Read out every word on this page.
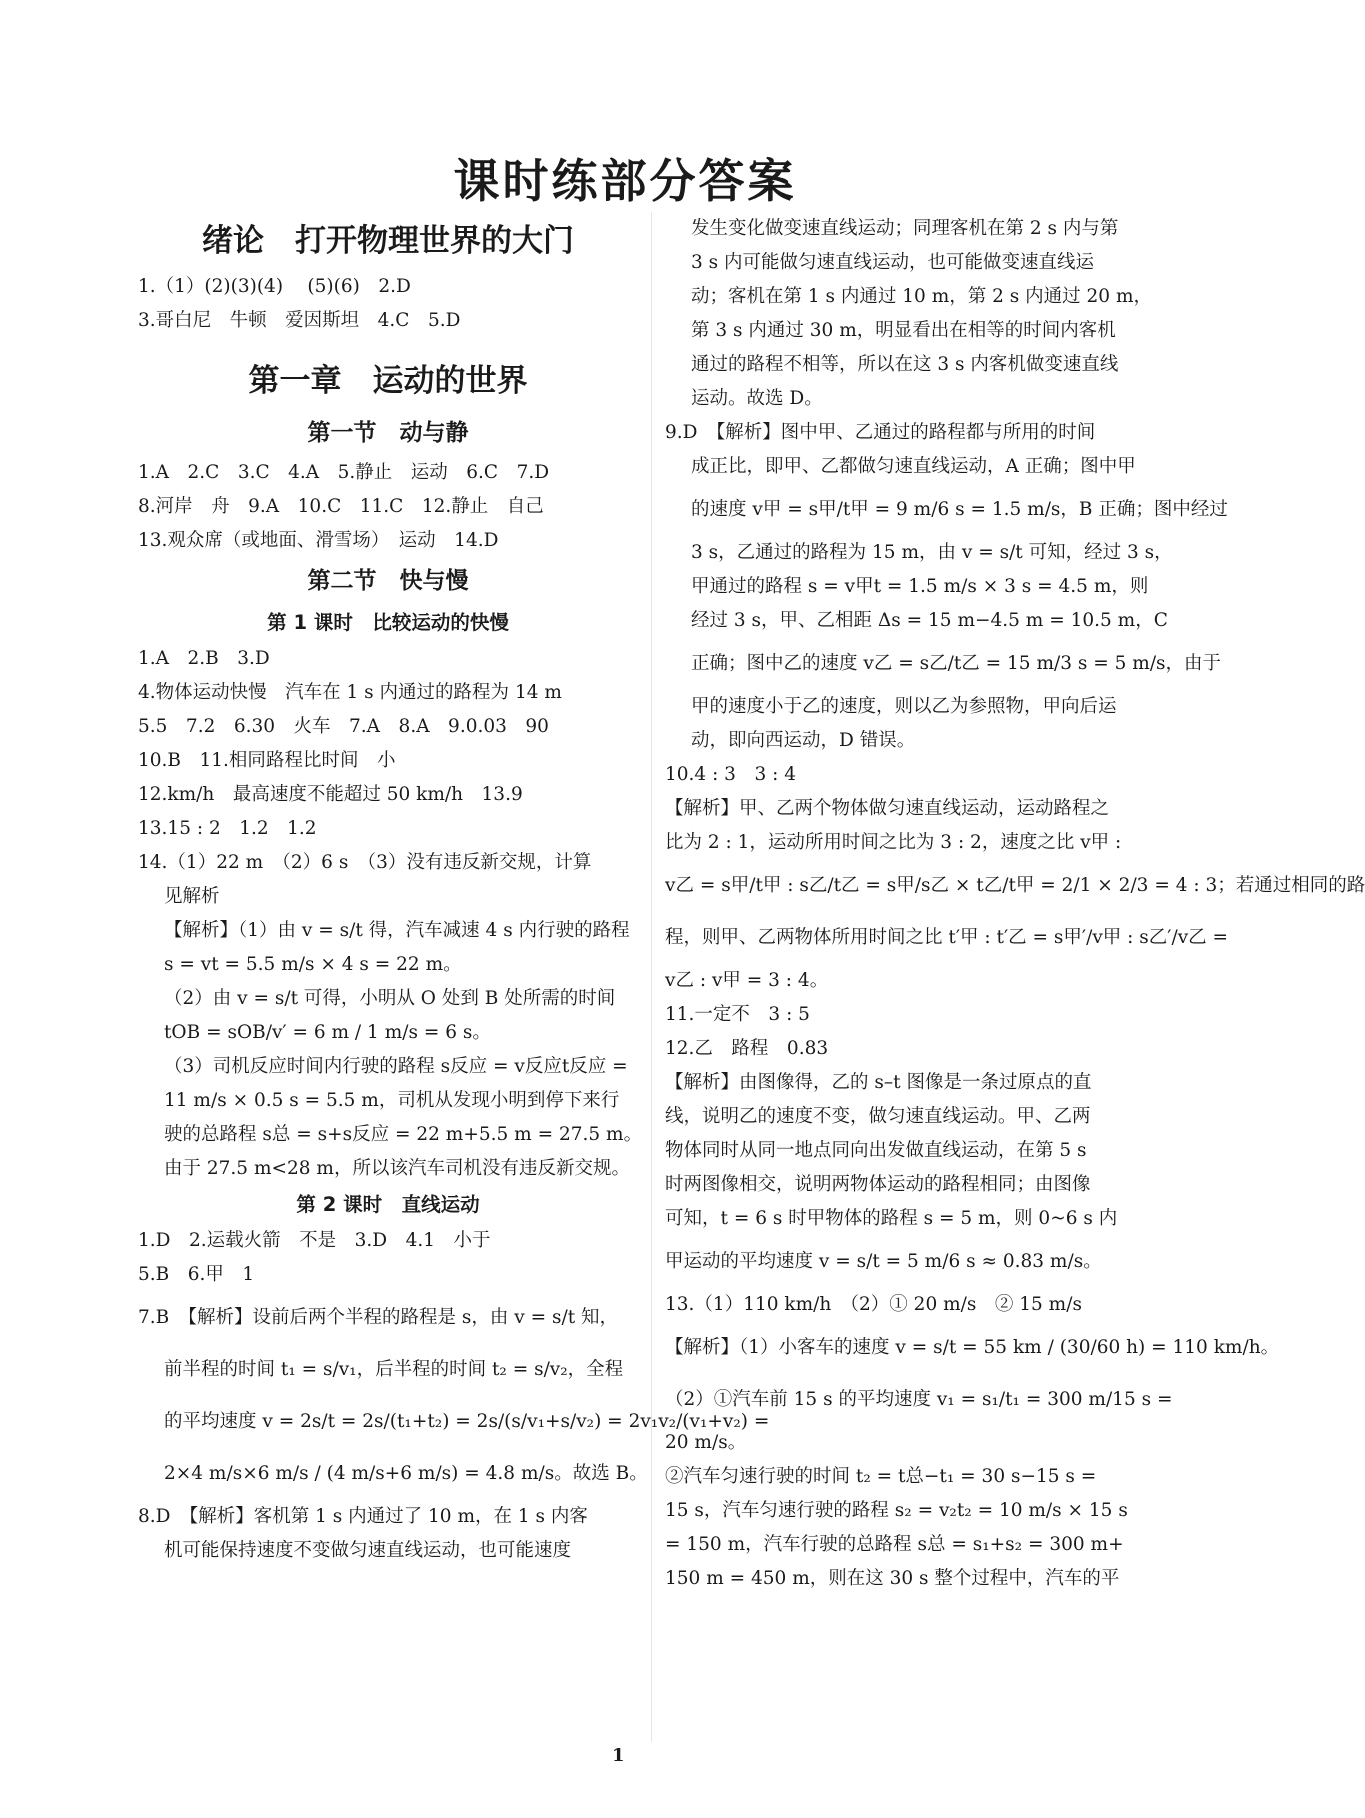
课时练部分答案
绪论　打开物理世界的大门
1.（1）(2)(3)(4)　 (5)(6)　2.D
3.哥白尼　牛顿　爱因斯坦　4.C　5.D
第一章　运动的世界
第一节　动与静
1.A　2.C　3.C　4.A　5.静止　运动　6.C　7.D
8.河岸　舟　9.A　10.C　11.C　12.静止　自己
13.观众席（或地面、滑雪场）　运动　14.D
第二节　快与慢
第 1 课时　比较运动的快慢
1.A　2.B　3.D
4.物体运动快慢　汽车在 1 s 内通过的路程为 14 m
5.5　7.2　6.30　火车　7.A　8.A　9.0.03　90
10.B　11.相同路程比时间　小
12.km/h　最高速度不能超过 50 km/h　13.9
13.15 : 2　1.2　1.2
14.（1）22 m　（2）6 s　（3）没有违反新交规，计算
见解析
【解析】（1）由 v = s/t 得，汽车减速 4 s 内行驶的路程
s = vt = 5.5 m/s × 4 s = 22 m。
（2）由 v = s/t 可得，小明从 O 处到 B 处所需的时间
tOB = sOB/v′ = 6 m / 1 m/s = 6 s。
（3）司机反应时间内行驶的路程 s反应 = v反应t反应 =
11 m/s × 0.5 s = 5.5 m，司机从发现小明到停下来行
驶的总路程 s总 = s+s反应 = 22 m+5.5 m = 27.5 m。
由于 27.5 m<28 m，所以该汽车司机没有违反新交规。
第 2 课时　直线运动
1.D　2.运载火箭　不是　3.D　4.1　小于
5.B　6.甲　1
7.B　【解析】设前后两个半程的路程是 s，由 v = s/t 知，
前半程的时间 t₁ = s/v₁，后半程的时间 t₂ = s/v₂，全程
的平均速度 v = 2s/t = 2s/(t₁+t₂) = 2s/(s/v₁+s/v₂) = 2v₁v₂/(v₁+v₂) =
2×4 m/s×6 m/s / (4 m/s+6 m/s) = 4.8 m/s。故选 B。
8.D　【解析】客机第 1 s 内通过了 10 m，在 1 s 内客
机可能保持速度不变做匀速直线运动，也可能速度
发生变化做变速直线运动；同理客机在第 2 s 内与第
3 s 内可能做匀速直线运动，也可能做变速直线运
动；客机在第 1 s 内通过 10 m，第 2 s 内通过 20 m，
第 3 s 内通过 30 m，明显看出在相等的时间内客机
通过的路程不相等，所以在这 3 s 内客机做变速直线
运动。故选 D。
9.D　【解析】图中甲、乙通过的路程都与所用的时间
成正比，即甲、乙都做匀速直线运动，A 正确；图中甲
的速度 v甲 = s甲/t甲 = 9 m/6 s = 1.5 m/s，B 正确；图中经过
3 s，乙通过的路程为 15 m，由 v = s/t 可知，经过 3 s，
甲通过的路程 s = v甲t = 1.5 m/s × 3 s = 4.5 m，则
经过 3 s，甲、乙相距 Δs = 15 m−4.5 m = 10.5 m，C
正确；图中乙的速度 v乙 = s乙/t乙 = 15 m/3 s = 5 m/s，由于
甲的速度小于乙的速度，则以乙为参照物，甲向后运
动，即向西运动，D 错误。
10.4 : 3　3 : 4
【解析】甲、乙两个物体做匀速直线运动，运动路程之
比为 2 : 1，运动所用时间之比为 3 : 2，速度之比 v甲 :
v乙 = s甲/t甲 : s乙/t乙 = s甲/s乙 × t乙/t甲 = 2/1 × 2/3 = 4 : 3；若通过相同的路
程，则甲、乙两物体所用时间之比 t′甲 : t′乙 = s甲′/v甲 : s乙′/v乙 =
v乙 : v甲 = 3 : 4。
11.一定不　3 : 5
12.乙　路程　0.83
【解析】由图像得，乙的 s–t 图像是一条过原点的直
线，说明乙的速度不变，做匀速直线运动。甲、乙两
物体同时从同一地点同向出发做直线运动，在第 5 s
时两图像相交，说明两物体运动的路程相同；由图像
可知，t = 6 s 时甲物体的路程 s = 5 m，则 0~6 s 内
甲运动的平均速度 v = s/t = 5 m/6 s ≈ 0.83 m/s。
13.（1）110 km/h　（2）① 20 m/s　② 15 m/s
【解析】（1）小客车的速度 v = s/t = 55 km / (30/60 h) = 110 km/h。
（2）①汽车前 15 s 的平均速度 v₁ = s₁/t₁ = 300 m/15 s =
20 m/s。
②汽车匀速行驶的时间 t₂ = t总−t₁ = 30 s−15 s =
15 s，汽车匀速行驶的路程 s₂ = v₂t₂ = 10 m/s × 15 s
= 150 m，汽车行驶的总路程 s总 = s₁+s₂ = 300 m+
150 m = 450 m，则在这 30 s 整个过程中，汽车的平
1
